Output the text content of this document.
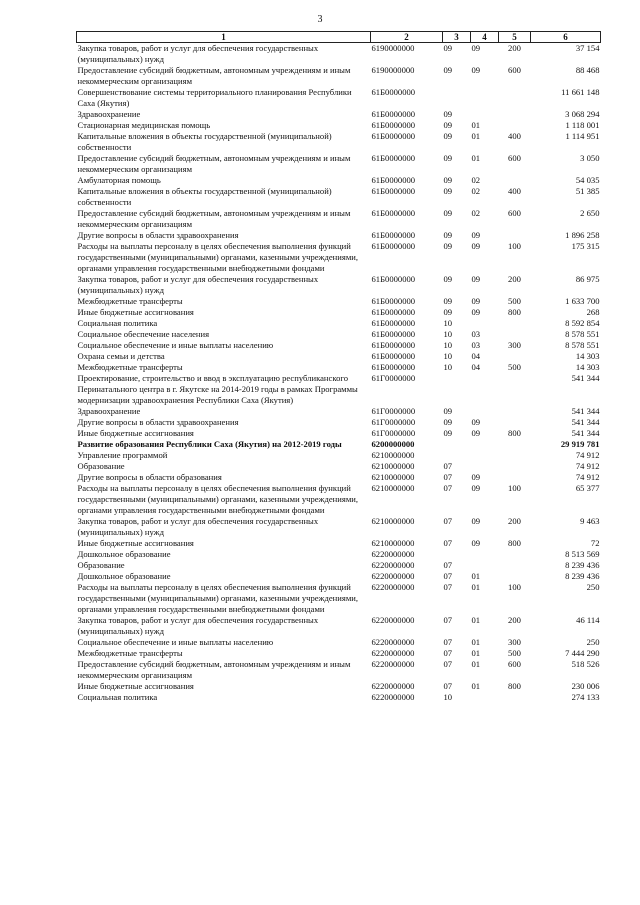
3
1	2	3	4	5	6
Закупка товаров, работ и услуг для обеспечения государственных (муниципальных) нужд	6190000000	09	09	200	37 154
Предоставление субсидий бюджетным, автономным учреждениям и иным некоммерческим организациям	6190000000	09	09	600	88 468
Совершенствование системы территориального планирования Республики Саха (Якутия)	61Б0000000				11 661 148
Здравоохранение	61Б0000000	09			3 068 294
Стационарная медицинская помощь	61Б0000000	09	01		1 118 001
Капитальные вложения в объекты государственной (муниципальной) собственности	61Б0000000	09	01	400	1 114 951
Предоставление субсидий бюджетным, автономным учреждениям и иным некоммерческим организациям	61Б0000000	09	01	600	3 050
Амбулаторная помощь	61Б0000000	09	02		54 035
Капитальные вложения в объекты государственной (муниципальной) собственности	61Б0000000	09	02	400	51 385
Предоставление субсидий бюджетным, автономным учреждениям и иным некоммерческим организациям	61Б0000000	09	02	600	2 650
Другие вопросы в области здравоохранения	61Б0000000	09	09		1 896 258
Расходы на выплаты персоналу в целях обеспечения выполнения функций государственными (муниципальными) органами, казенными учреждениями, органами управления государственными внебюджетными фондами	61Б0000000	09	09	100	175 315
Закупка товаров, работ и услуг для обеспечения государственных (муниципальных) нужд	61Б0000000	09	09	200	86 975
Межбюджетные трансферты	61Б0000000	09	09	500	1 633 700
Иные бюджетные ассигнования	61Б0000000	09	09	800	268
Социальная политика	61Б0000000	10			8 592 854
Социальное обеспечение населения	61Б0000000	10	03		8 578 551
Социальное обеспечение и иные выплаты населению	61Б0000000	10	03	300	8 578 551
Охрана семьи и детства	61Б0000000	10	04		14 303
Межбюджетные трансферты	61Б0000000	10	04	500	14 303
Проектирование, строительство и ввод в эксплуатацию республиканского Перинатального центра в г. Якутске на 2014-2019 годы в рамках Программы модернизации здравоохранения Республики Саха (Якутия)	61Г0000000				541 344
Здравоохранение	61Г0000000	09			541 344
Другие вопросы в области здравоохранения	61Г0000000	09	09		541 344
Иные бюджетные ассигнования	61Г0000000	09	09	800	541 344
Развитие образования Республики Саха (Якутия) на 2012-2019 годы	6200000000				29 919 781
Управление программой	6210000000				74 912
Образование	6210000000	07			74 912
Другие вопросы в области образования	6210000000	07	09		74 912
Расходы на выплаты персоналу в целях обеспечения выполнения функций государственными (муниципальными) органами, казенными учреждениями, органами управления государственными внебюджетными фондами	6210000000	07	09	100	65 377
Закупка товаров, работ и услуг для обеспечения государственных (муниципальных) нужд	6210000000	07	09	200	9 463
Иные бюджетные ассигнования	6210000000	07	09	800	72
Дошкольное образование	6220000000				8 513 569
Образование	6220000000	07			8 239 436
Дошкольное образование	6220000000	07	01		8 239 436
Расходы на выплаты персоналу в целях обеспечения выполнения функций государственными (муниципальными) органами, казенными учреждениями, органами управления государственными внебюджетными фондами	6220000000	07	01	100	250
Закупка товаров, работ и услуг для обеспечения государственных (муниципальных) нужд	6220000000	07	01	200	46 114
Социальное обеспечение и иные выплаты населению	6220000000	07	01	300	250
Межбюджетные трансферты	6220000000	07	01	500	7 444 290
Предоставление субсидий бюджетным, автономным учреждениям и иным некоммерческим организациям	6220000000	07	01	600	518 526
Иные бюджетные ассигнования	6220000000	07	01	800	230 006
Социальная политика	6220000000	10			274 133
